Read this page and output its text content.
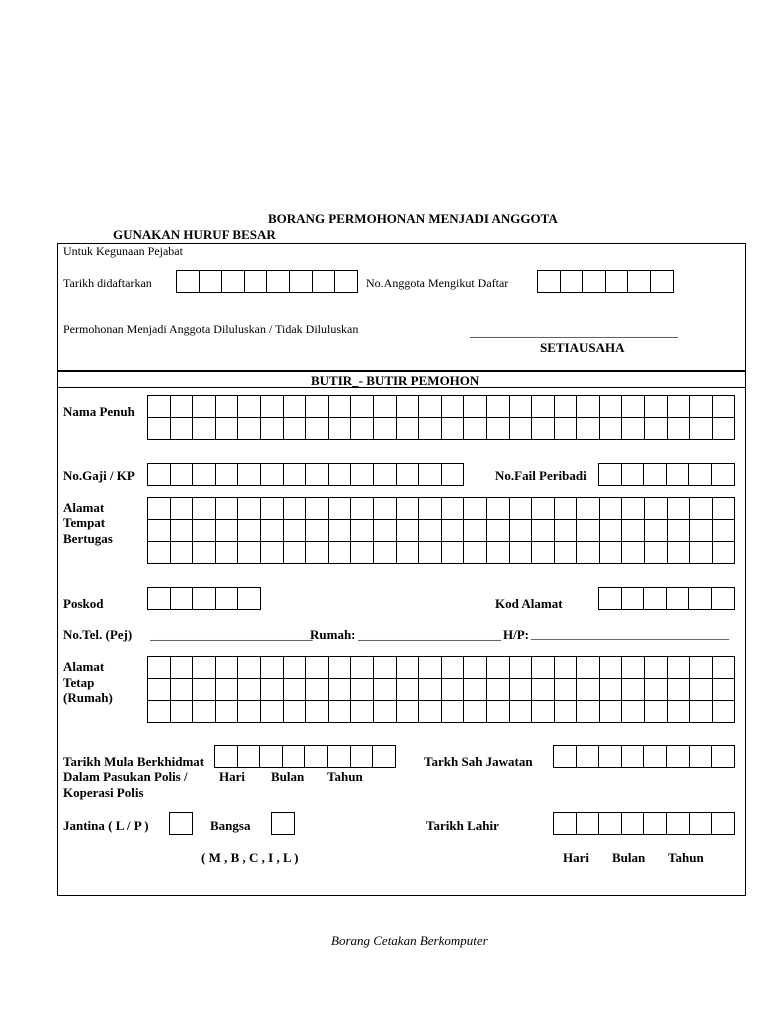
BORANG PERMOHONAN MENJADI ANGGOTA
GUNAKAN HURUF BESAR
Untuk Kegunaan Pejabat
Tarikh didaftarkan	No.Anggota Mengikut Daftar
Permohonan Menjadi Anggota Diluluskan / Tidak Diluluskan	________________________________
SETIAUSAHA
BUTIR_- BUTIR PEMOHON
Nama Penuh
No.Gaji / KP	No.Fail Peribadi
Alamat
Tempat
Bertugas
Poskod	Kod Alamat
No.Tel. (Pej) _________________________
Rumah: ______________________ H/P: _________________________________
Alamat
Tetap
(Rumah)
Tarikh Mula Berkhidmat
Dalam Pasukan Polis /
Koperasi Polis
Hari Bulan Tahun
Tarkh Sah Jawatan
Jantina ( L / P )	Bangsa
( M , B , C , I , L )
Tarikh Lahir
Hari Bulan Tahun
Borang Cetakan Berkomputer
